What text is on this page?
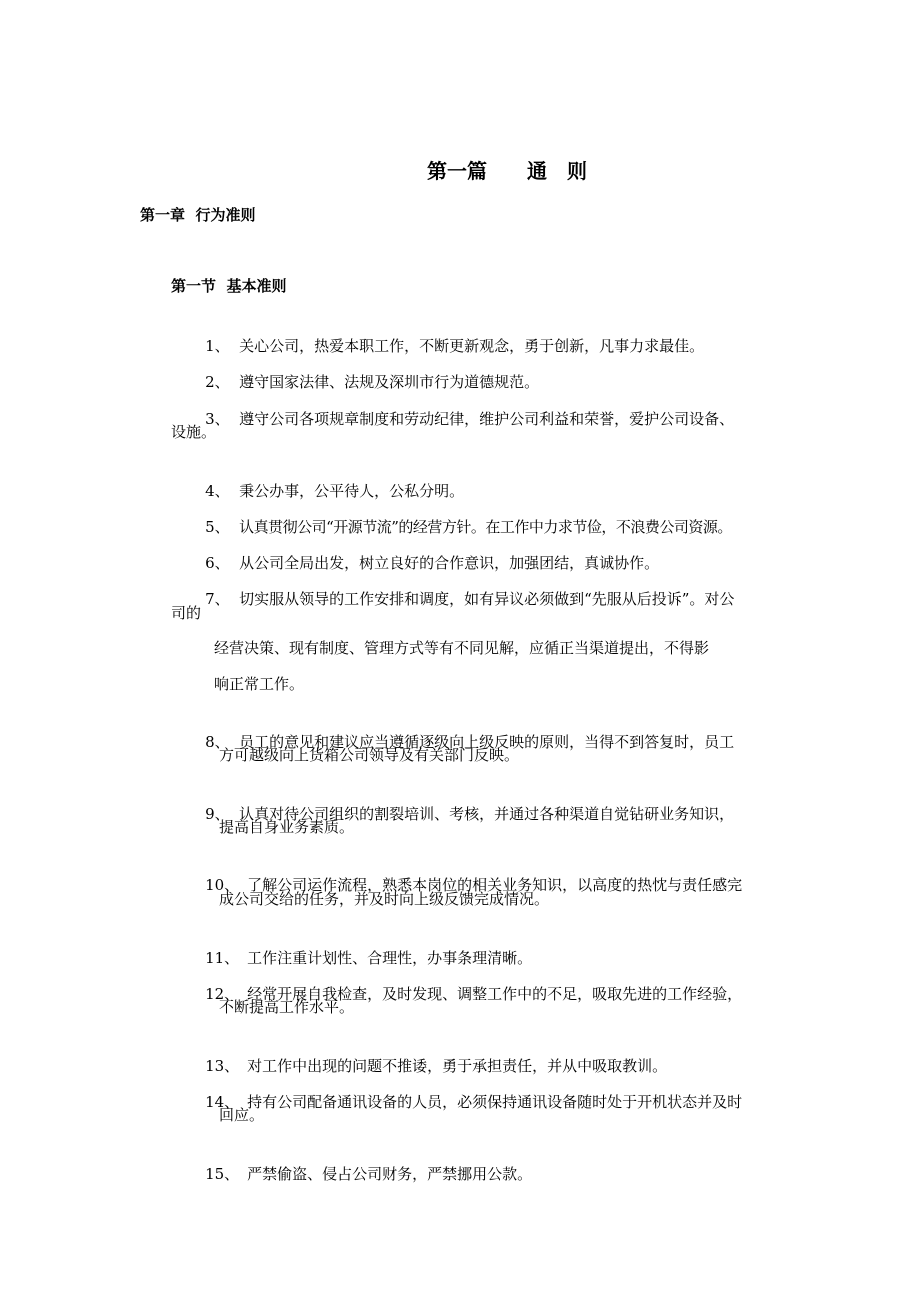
第一篇　　通　则
第一章  行为准则
第一节  基本准则

1、 关心公司，热爱本职工作，不断更新观念，勇于创新，凡事力求最佳。

2、 遵守国家法律、法规及深圳市行为道德规范。

3、 遵守公司各项规章制度和劳动纪律，维护公司利益和荣誉，爱护公司设备、

设施。

4、 秉公办事，公平待人，公私分明。

5、 认真贯彻公司“开源节流”的经营方针。在工作中力求节俭，不浪费公司资源。

6、 从公司全局出发，树立良好的合作意识，加强团结，真诚协作。

7、 切实服从领导的工作安排和调度，如有异议必须做到“先服从后投诉”。对公

司的
经营决策、现有制度、管理方式等有不同见解，应循正当渠道提出，不得影
响正常工作。

8、 员工的意见和建议应当遵循逐级向上级反映的原则，当得不到答复时，员工

方可越级向上货箱公司领导及有关部门反映。

9、 认真对待公司组织的割裂培训、考核，并通过各种渠道自觉钻研业务知识，

提高自身业务素质。

10、 了解公司运作流程，熟悉本岗位的相关业务知识，以高度的热忱与责任感完

成公司交给的任务，并及时向上级反馈完成情况。

11、 工作注重计划性、合理性，办事条理清晰。

12、 经常开展自我检查，及时发现、调整工作中的不足，吸取先进的工作经验，

不断提高工作水平。

13、 对工作中出现的问题不推诿，勇于承担责任，并从中吸取教训。

14、 持有公司配备通讯设备的人员，必须保持通讯设备随时处于开机状态并及时

回应。

15、 严禁偷盗、侵占公司财务，严禁挪用公款。
